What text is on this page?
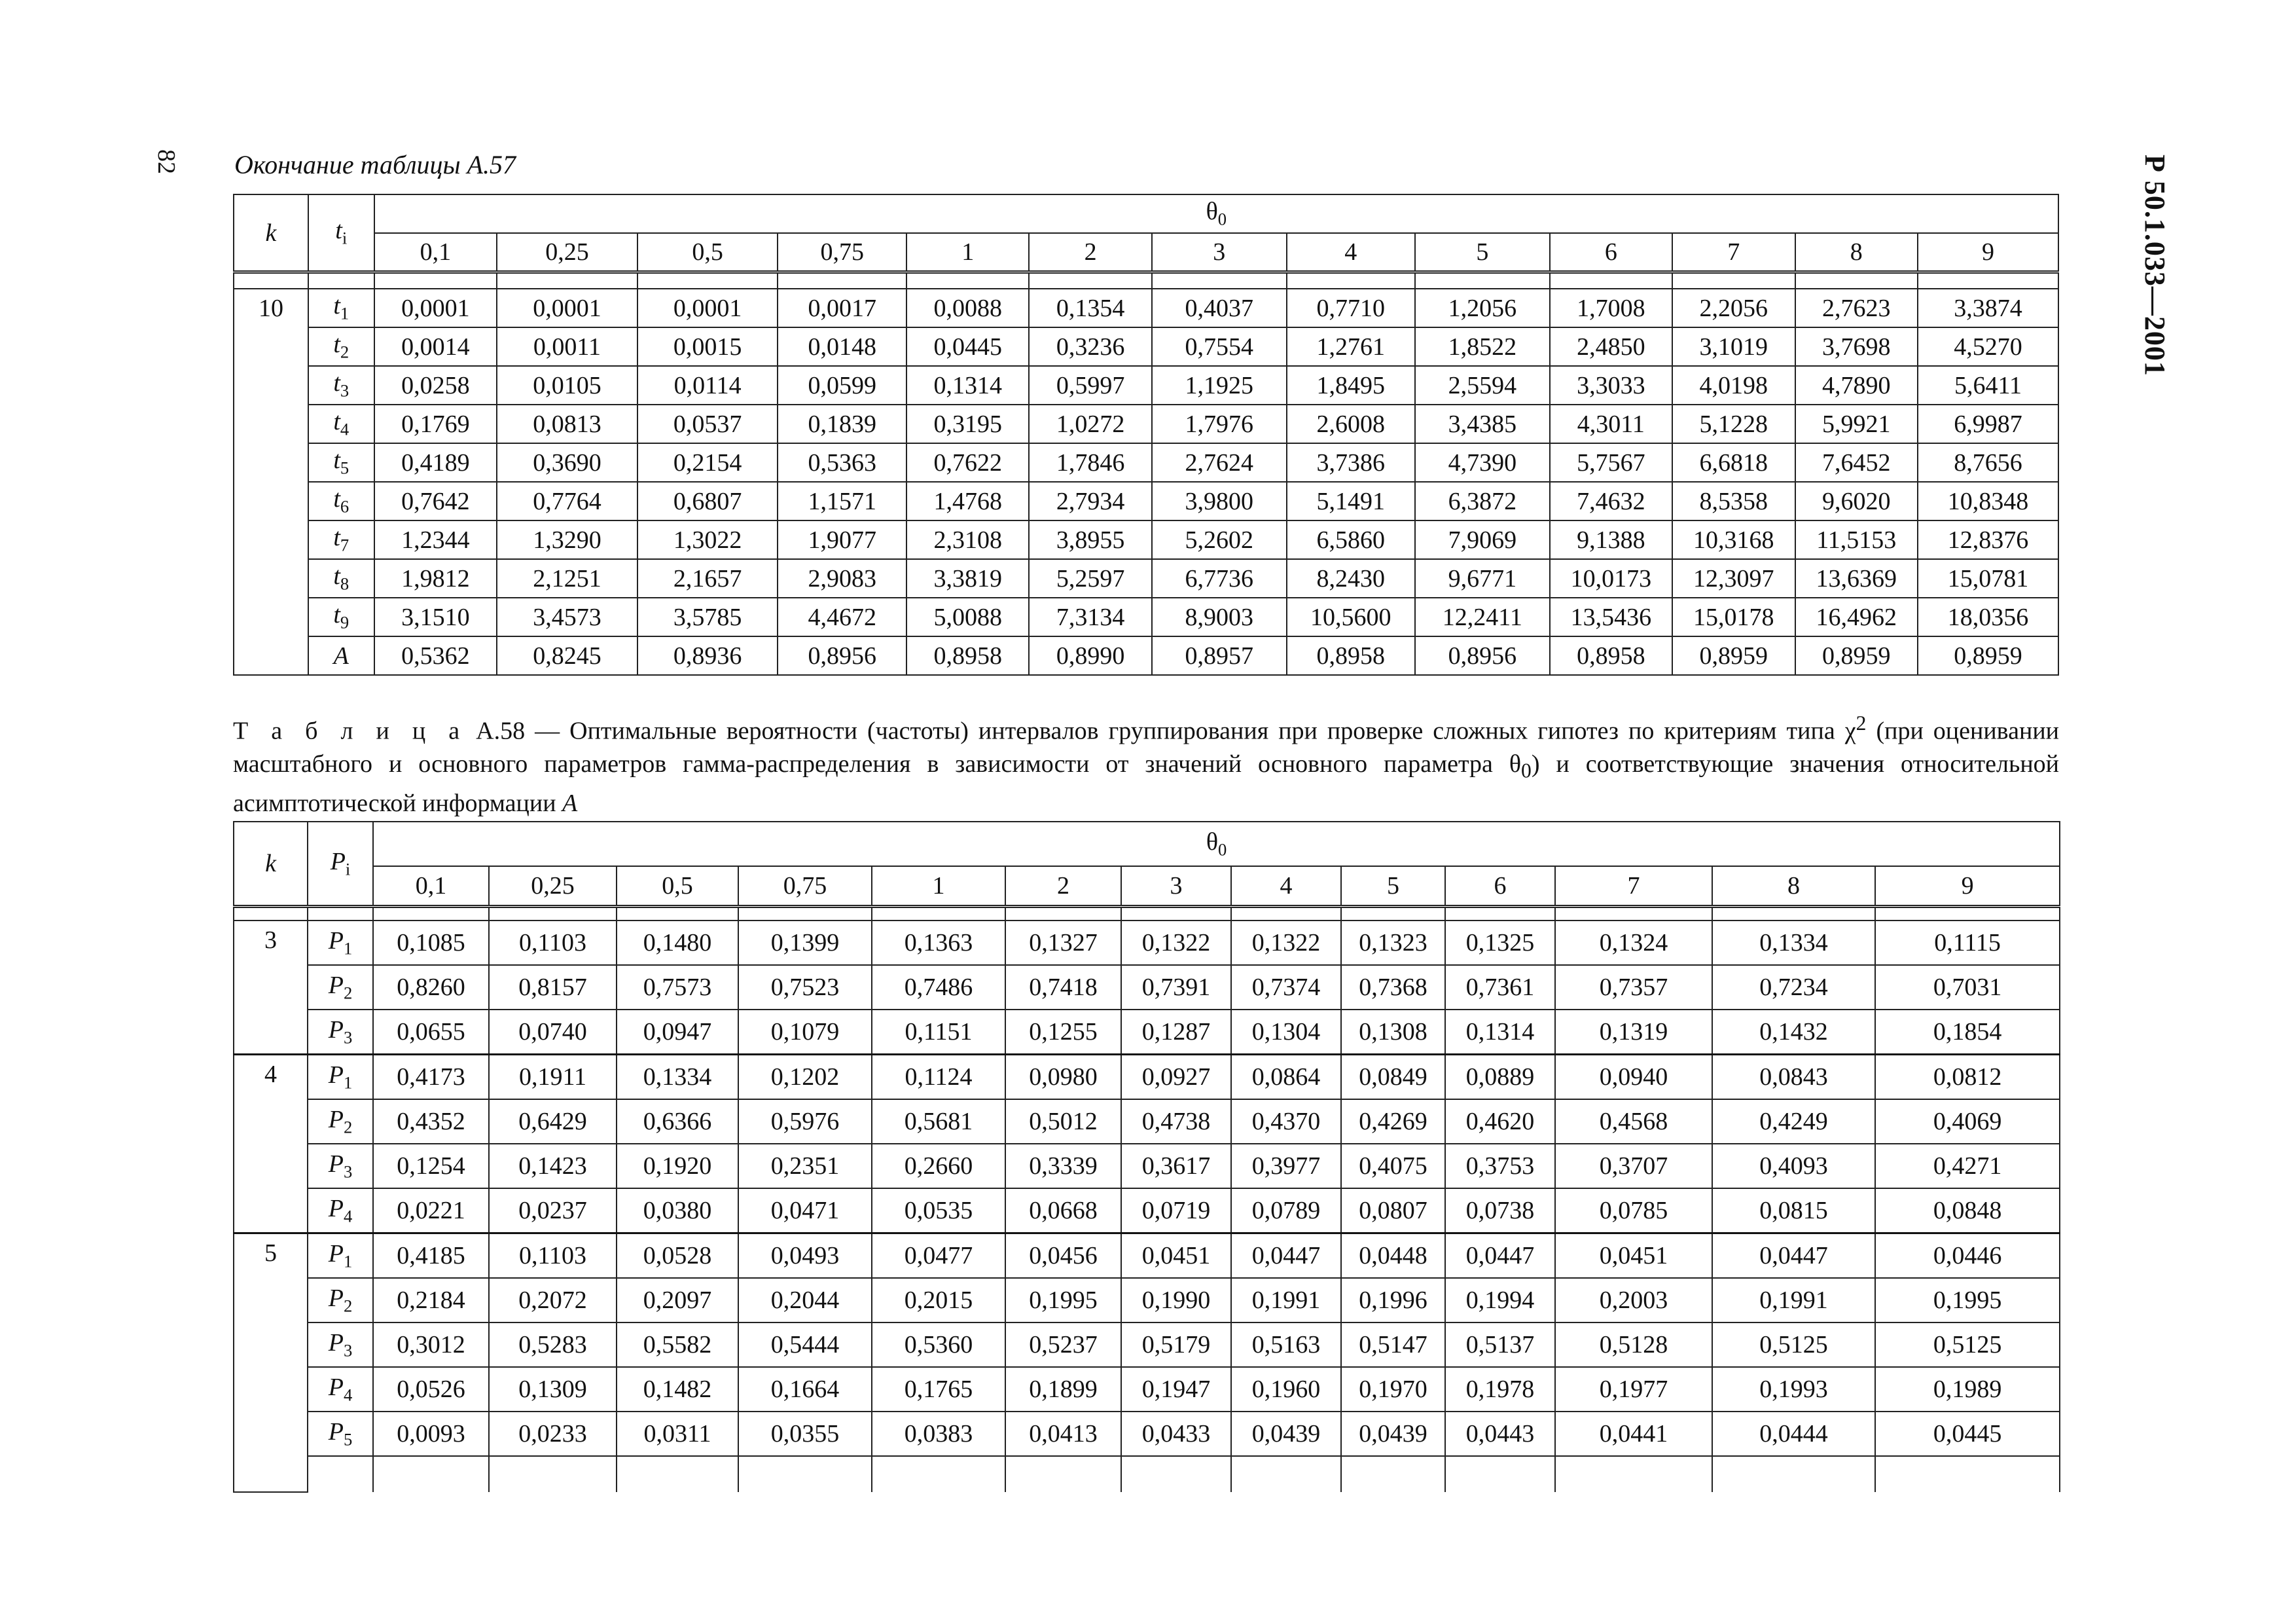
82	Р 50.1.033—2001
Окончание таблицы А.57
k	$t_i$	$\theta_0$
		0,1	0,25	0,5	0,75	1	2	3	4	5	6	7	8	9

10	$t_1$	0,0001	0,0001	0,0001	0,0017	0,0088	0,1354	0,4037	0,7710	1,2056	1,7008	2,2056	2,7623	3,3874
	$t_2$	0,0014	0,0011	0,0015	0,0148	0,0445	0,3236	0,7554	1,2761	1,8522	2,4850	3,1019	3,7698	4,5270
	$t_3$	0,0258	0,0105	0,0114	0,0599	0,1314	0,5997	1,1925	1,8495	2,5594	3,3033	4,0198	4,7890	5,6411
	$t_4$	0,1769	0,0813	0,0537	0,1839	0,3195	1,0272	1,7976	2,6008	3,4385	4,3011	5,1228	5,9921	6,9987
	$t_5$	0,4189	0,3690	0,2154	0,5363	0,7622	1,7846	2,7624	3,7386	4,7390	5,7567	6,6818	7,6452	8,7656
	$t_6$	0,7642	0,7764	0,6807	1,1571	1,4768	2,7934	3,9800	5,1491	6,3872	7,4632	8,5358	9,6020	10,8348
	$t_7$	1,2344	1,3290	1,3022	1,9077	2,3108	3,8955	5,2602	6,5860	7,9069	9,1388	10,3168	11,5153	12,8376
	$t_8$	1,9812	2,1251	2,1657	2,9083	3,3819	5,2597	6,7736	8,2430	9,6771	10,0173	12,3097	13,6369	15,0781
	$t_9$	3,1510	3,4573	3,5785	4,4672	5,0088	7,3134	8,9003	10,5600	12,2411	13,5436	15,0178	16,4962	18,0356
	A	0,5362	0,8245	0,8936	0,8956	0,8958	0,8990	0,8957	0,8958	0,8956	0,8958	0,8959	0,8959	0,8959
Т а б л и ц а А.58 — Оптимальные вероятности (частоты) интервалов группирования при проверке сложных гипотез по критериям типа $\chi^2$ (при оценивании масштабного и основного параметров гамма-распределения в зависимости от значений основного параметра $\theta_0$) и соответствующие значения относительной асимптотической информации A
k	$P_i$	$\theta_0$
		0,1	0,25	0,5	0,75	1	2	3	4	5	6	7	8	9

3	$P_1$	0,1085	0,1103	0,1480	0,1399	0,1363	0,1327	0,1322	0,1322	0,1323	0,1325	0,1324	0,1334	0,1115
	$P_2$	0,8260	0,8157	0,7573	0,7523	0,7486	0,7418	0,7391	0,7374	0,7368	0,7361	0,7357	0,7234	0,7031
	$P_3$	0,0655	0,0740	0,0947	0,1079	0,1151	0,1255	0,1287	0,1304	0,1308	0,1314	0,1319	0,1432	0,1854
4	$P_1$	0,4173	0,1911	0,1334	0,1202	0,1124	0,0980	0,0927	0,0864	0,0849	0,0889	0,0940	0,0843	0,0812
	$P_2$	0,4352	0,6429	0,6366	0,5976	0,5681	0,5012	0,4738	0,4370	0,4269	0,4620	0,4568	0,4249	0,4069
	$P_3$	0,1254	0,1423	0,1920	0,2351	0,2660	0,3339	0,3617	0,3977	0,4075	0,3753	0,3707	0,4093	0,4271
	$P_4$	0,0221	0,0237	0,0380	0,0471	0,0535	0,0668	0,0719	0,0789	0,0807	0,0738	0,0785	0,0815	0,0848
5	$P_1$	0,4185	0,1103	0,0528	0,0493	0,0477	0,0456	0,0451	0,0447	0,0448	0,0447	0,0451	0,0447	0,0446
	$P_2$	0,2184	0,2072	0,2097	0,2044	0,2015	0,1995	0,1990	0,1991	0,1996	0,1994	0,2003	0,1991	0,1995
	$P_3$	0,3012	0,5283	0,5582	0,5444	0,5360	0,5237	0,5179	0,5163	0,5147	0,5137	0,5128	0,5125	0,5125
	$P_4$	0,0526	0,1309	0,1482	0,1664	0,1765	0,1899	0,1947	0,1960	0,1970	0,1978	0,1977	0,1993	0,1989
	$P_5$	0,0093	0,0233	0,0311	0,0355	0,0383	0,0413	0,0433	0,0439	0,0439	0,0443	0,0441	0,0444	0,0445
